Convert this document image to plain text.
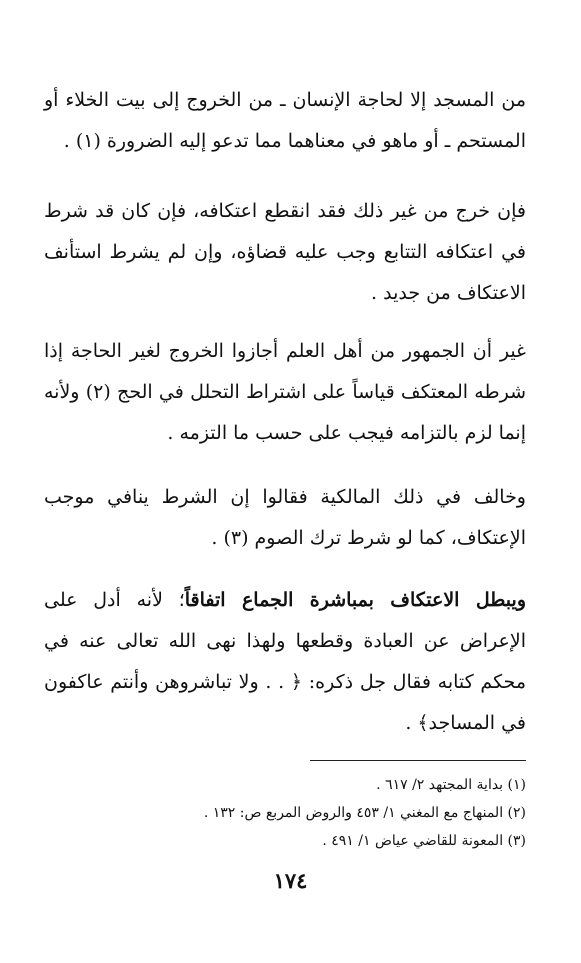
من المسجد إلا لحاجة الإنسان ـ من الخروج إلى بيت الخلاء أو المستحم ـ أو ماهو في معناهما مما تدعو إليه الضرورة (١) .

فإن خرج من غير ذلك فقد انقطع اعتكافه، فإن كان قد شرط في اعتكافه التتابع وجب عليه قضاؤه، وإن لم يشرط استأنف الاعتكاف من جديد .

غير أن الجمهور من أهل العلم أجازوا الخروج لغير الحاجة إذا شرطه المعتكف قياساً على اشتراط التحلل في الحج (٢) ولأنه إنما لزم بالتزامه فيجب على حسب ما التزمه .

وخالف في ذلك المالكية فقالوا إن الشرط ينافي موجب الإعتكاف، كما لو شرط ترك الصوم (٣) .

ويبطل الاعتكاف بمباشرة الجماع اتفاقاً؛ لأنه أدل على الإعراض عن العبادة وقطعها ولهذا نهى الله تعالى عنه في محكم كتابه فقال جل ذكره: ﴿ . . ولا تباشروهن وأنتم عاكفون في المساجد﴾ .

(١) بداية المجتهد ٢/ ٦١٧ .

(٢) المنهاج مع المغني ١/ ٤٥٣ والروض المربع ص: ١٣٢ .

(٣) المعونة للقاضي عياض ١/ ٤٩١ .

١٧٤
